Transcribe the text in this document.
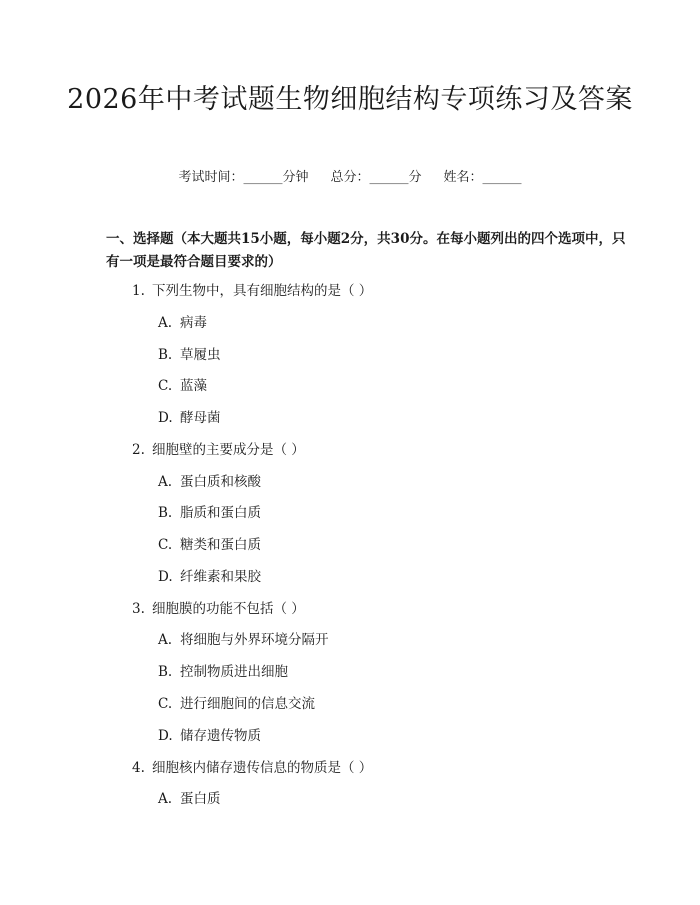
2026年中考试题生物细胞结构专项练习及答案
考试时间：______分钟 总分：______分 姓名：______
一、选择题（本大题共15小题，每小题2分，共30分。在每小题列出的四个选项中，只有一项是最符合题目要求的）
1. 下列生物中，具有细胞结构的是（ ）
A. 病毒
B. 草履虫
C. 蓝藻
D. 酵母菌
2. 细胞壁的主要成分是（ ）
A. 蛋白质和核酸
B. 脂质和蛋白质
C. 糖类和蛋白质
D. 纤维素和果胶
3. 细胞膜的功能不包括（ ）
A. 将细胞与外界环境分隔开
B. 控制物质进出细胞
C. 进行细胞间的信息交流
D. 储存遗传物质
4. 细胞核内储存遗传信息的物质是（ ）
A. 蛋白质
